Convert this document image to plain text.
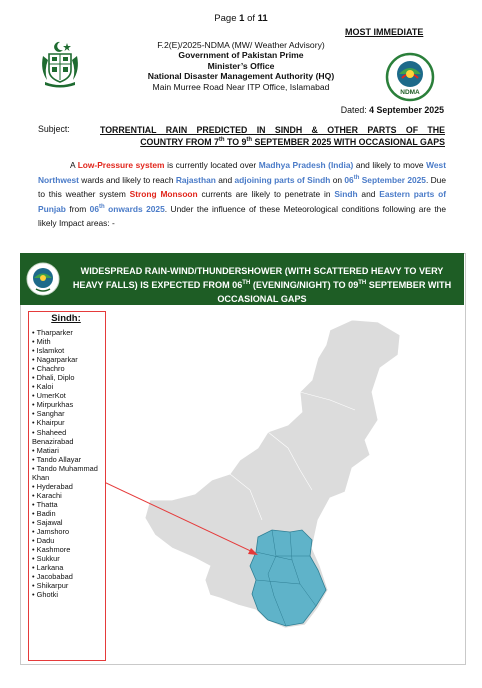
Page 1 of 11
MOST IMMEDIATE
F.2(E)/2025-NDMA (MW/ Weather Advisory)
Government of Pakistan Prime
Minister’s Office
National Disaster Management Authority (HQ)
Main Murree Road Near ITP Office, Islamabad
NDMA
Dated: 4 September 2025
Subject:	TORRENTIAL RAIN PREDICTED IN SINDH & OTHER PARTS OF THE
COUNTRY FROM 7th TO 9th SEPTEMBER 2025 WITH OCCASIONAL GAPS
A Low-Pressure system is currently located over Madhya Pradesh (India) and likely to move West Northwest wards and likely to reach Rajasthan and adjoining parts of Sindh on 06th September 2025. Due to this weather system Strong Monsoon currents are likely to penetrate in Sindh and Eastern parts of Punjab from 06th onwards 2025. Under the influence of these Meteorological conditions following are the likely Impact areas: -
WIDESPREAD RAIN-WIND/THUNDERSHOWER (WITH SCATTERED HEAVY TO VERY HEAVY FALLS) IS EXPECTED FROM 06TH (EVENING/NIGHT) TO 09TH SEPTEMBER WITH OCCASIONAL GAPS
Sindh:
• Tharparker
• Mith
• Islamkot
• Nagarparkar
• Chachro
• Dhali, Diplo
• Kaloi
• UmerKot
• Mirpurkhas
• Sanghar
• Khairpur
• Shaheed Benazirabad
• Matiari
• Tando Allayar
• Tando Muhammad Khan
• Hyderabad
• Karachi
• Thatta
• Badin
• Sajawal
• Jamshoro
• Dadu
• Kashmore
• Sukkur
• Larkana
• Jacobabad
• Shikarpur
• Ghotki
